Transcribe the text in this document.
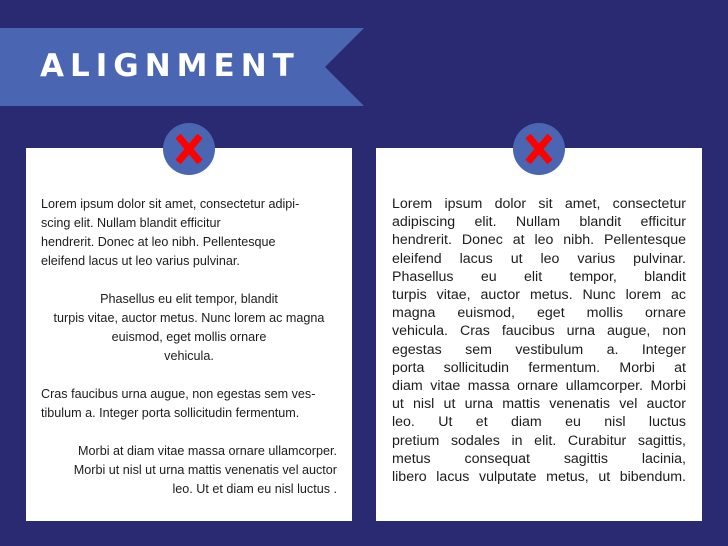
ALIGNMENT

Lorem ipsum dolor sit amet, consectetur adipi-
scing elit. Nullam blandit efficitur
hendrerit. Donec at leo nibh. Pellentesque
eleifend lacus ut leo varius pulvinar.

Phasellus eu elit tempor, blandit
turpis vitae, auctor metus. Nunc lorem ac magna
euismod, eget mollis ornare
vehicula.

Cras faucibus urna augue, non egestas sem ves-
tibulum a. Integer porta sollicitudin fermentum.

Morbi at diam vitae massa ornare ullamcorper.
Morbi ut nisl ut urna mattis venenatis vel auctor
leo. Ut et diam eu nisl luctus .

Lorem ipsum dolor sit amet, consectetur
adipiscing elit. Nullam blandit efficitur
hendrerit. Donec at leo nibh. Pellentesque
eleifend lacus ut leo varius pulvinar.
Phasellus eu elit tempor, blandit
turpis vitae, auctor metus. Nunc lorem ac
magna euismod, eget mollis ornare
vehicula. Cras faucibus urna augue, non
egestas sem vestibulum a. Integer
porta sollicitudin fermentum. Morbi at
diam vitae massa ornare ullamcorper. Morbi
ut nisl ut urna mattis venenatis vel auctor
leo. Ut et diam eu nisl luctus
pretium sodales in elit. Curabitur sagittis,
metus consequat sagittis lacinia,
libero lacus vulputate metus, ut bibendum.
